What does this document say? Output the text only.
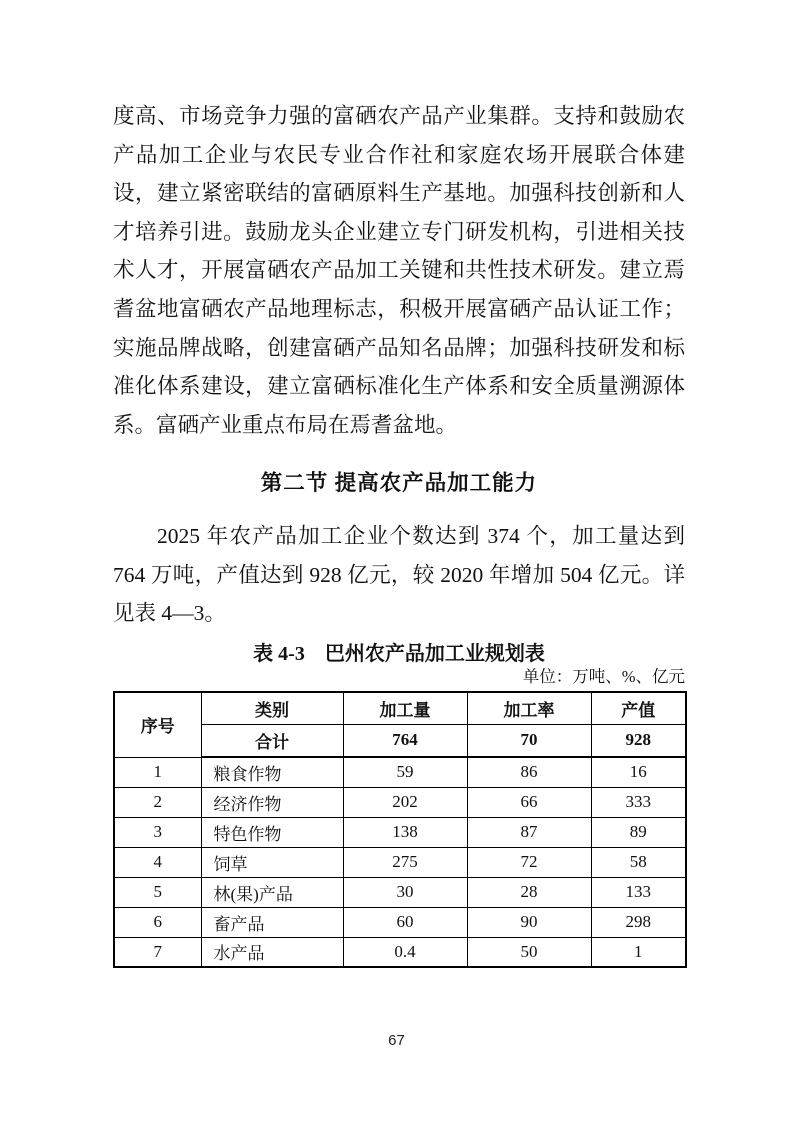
度高、市场竞争力强的富硒农产品产业集群。支持和鼓励农
产品加工企业与农民专业合作社和家庭农场开展联合体建
设，建立紧密联结的富硒原料生产基地。加强科技创新和人
才培养引进。鼓励龙头企业建立专门研发机构，引进相关技
术人才，开展富硒农产品加工关键和共性技术研发。建立焉
耆盆地富硒农产品地理标志，积极开展富硒产品认证工作；
实施品牌战略，创建富硒产品知名品牌；加强科技研发和标
准化体系建设，建立富硒标准化生产体系和安全质量溯源体
系。富硒产业重点布局在焉耆盆地。
第二节 提高农产品加工能力
2025 年农产品加工企业个数达到 374 个，加工量达到
764 万吨，产值达到 928 亿元，较 2020 年增加 504 亿元。详
见表 4—3。
表 4-3　巴州农产品加工业规划表
单位：万吨、%、亿元
序号	类别	加工量	加工率	产值
	合计	764	70	928
1	粮食作物	59	86	16
2	经济作物	202	66	333
3	特色作物	138	87	89
4	饲草	275	72	58
5	林(果)产品	30	28	133
6	畜产品	60	90	298
7	水产品	0.4	50	1
67
